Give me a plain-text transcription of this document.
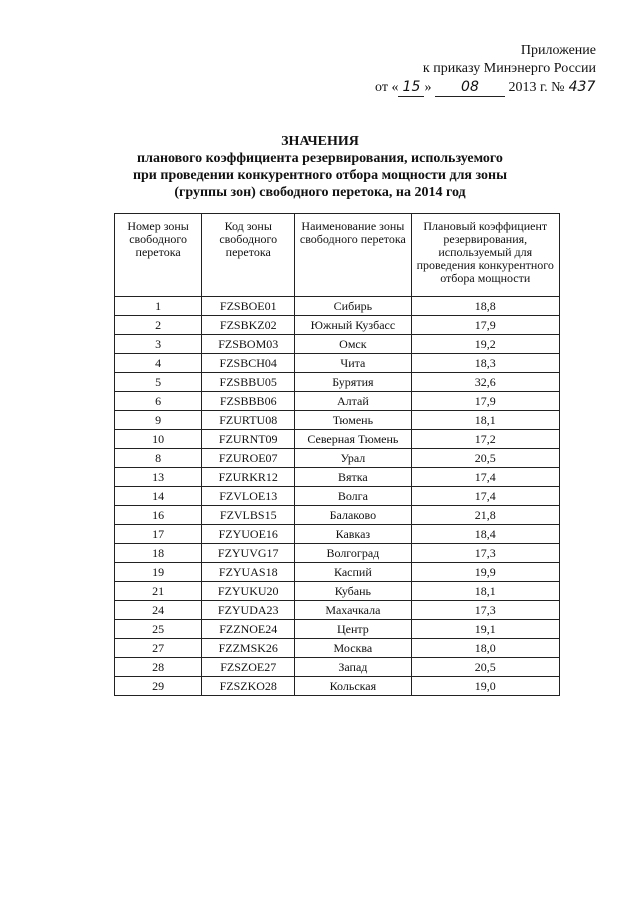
Приложение
к приказу Минэнерго России
от « 15 » 08 2013 г. № 437
ЗНАЧЕНИЯ
планового коэффициента резервирования, используемого
при проведении конкурентного отбора мощности для зоны
(группы зон) свободного перетока, на 2014 год
Номер зоны свободного перетока	Код зоны свободного перетока	Наименование зоны свободного перетока	Плановый коэффициент резервирования, используемый для проведения конкурентного отбора мощности
1	FZSBOE01	Сибирь	18,8
2	FZSBKZ02	Южный Кузбасс	17,9
3	FZSBOM03	Омск	19,2
4	FZSBCH04	Чита	18,3
5	FZSBBU05	Бурятия	32,6
6	FZSBBB06	Алтай	17,9
9	FZURTU08	Тюмень	18,1
10	FZURNT09	Северная Тюмень	17,2
8	FZUROE07	Урал	20,5
13	FZURKR12	Вятка	17,4
14	FZVLOE13	Волга	17,4
16	FZVLBS15	Балаково	21,8
17	FZYUOE16	Кавказ	18,4
18	FZYUVG17	Волгоград	17,3
19	FZYUAS18	Каспий	19,9
21	FZYUKU20	Кубань	18,1
24	FZYUDA23	Махачкала	17,3
25	FZZNOE24	Центр	19,1
27	FZZMSK26	Москва	18,0
28	FZSZOE27	Запад	20,5
29	FZSZKO28	Кольская	19,0
